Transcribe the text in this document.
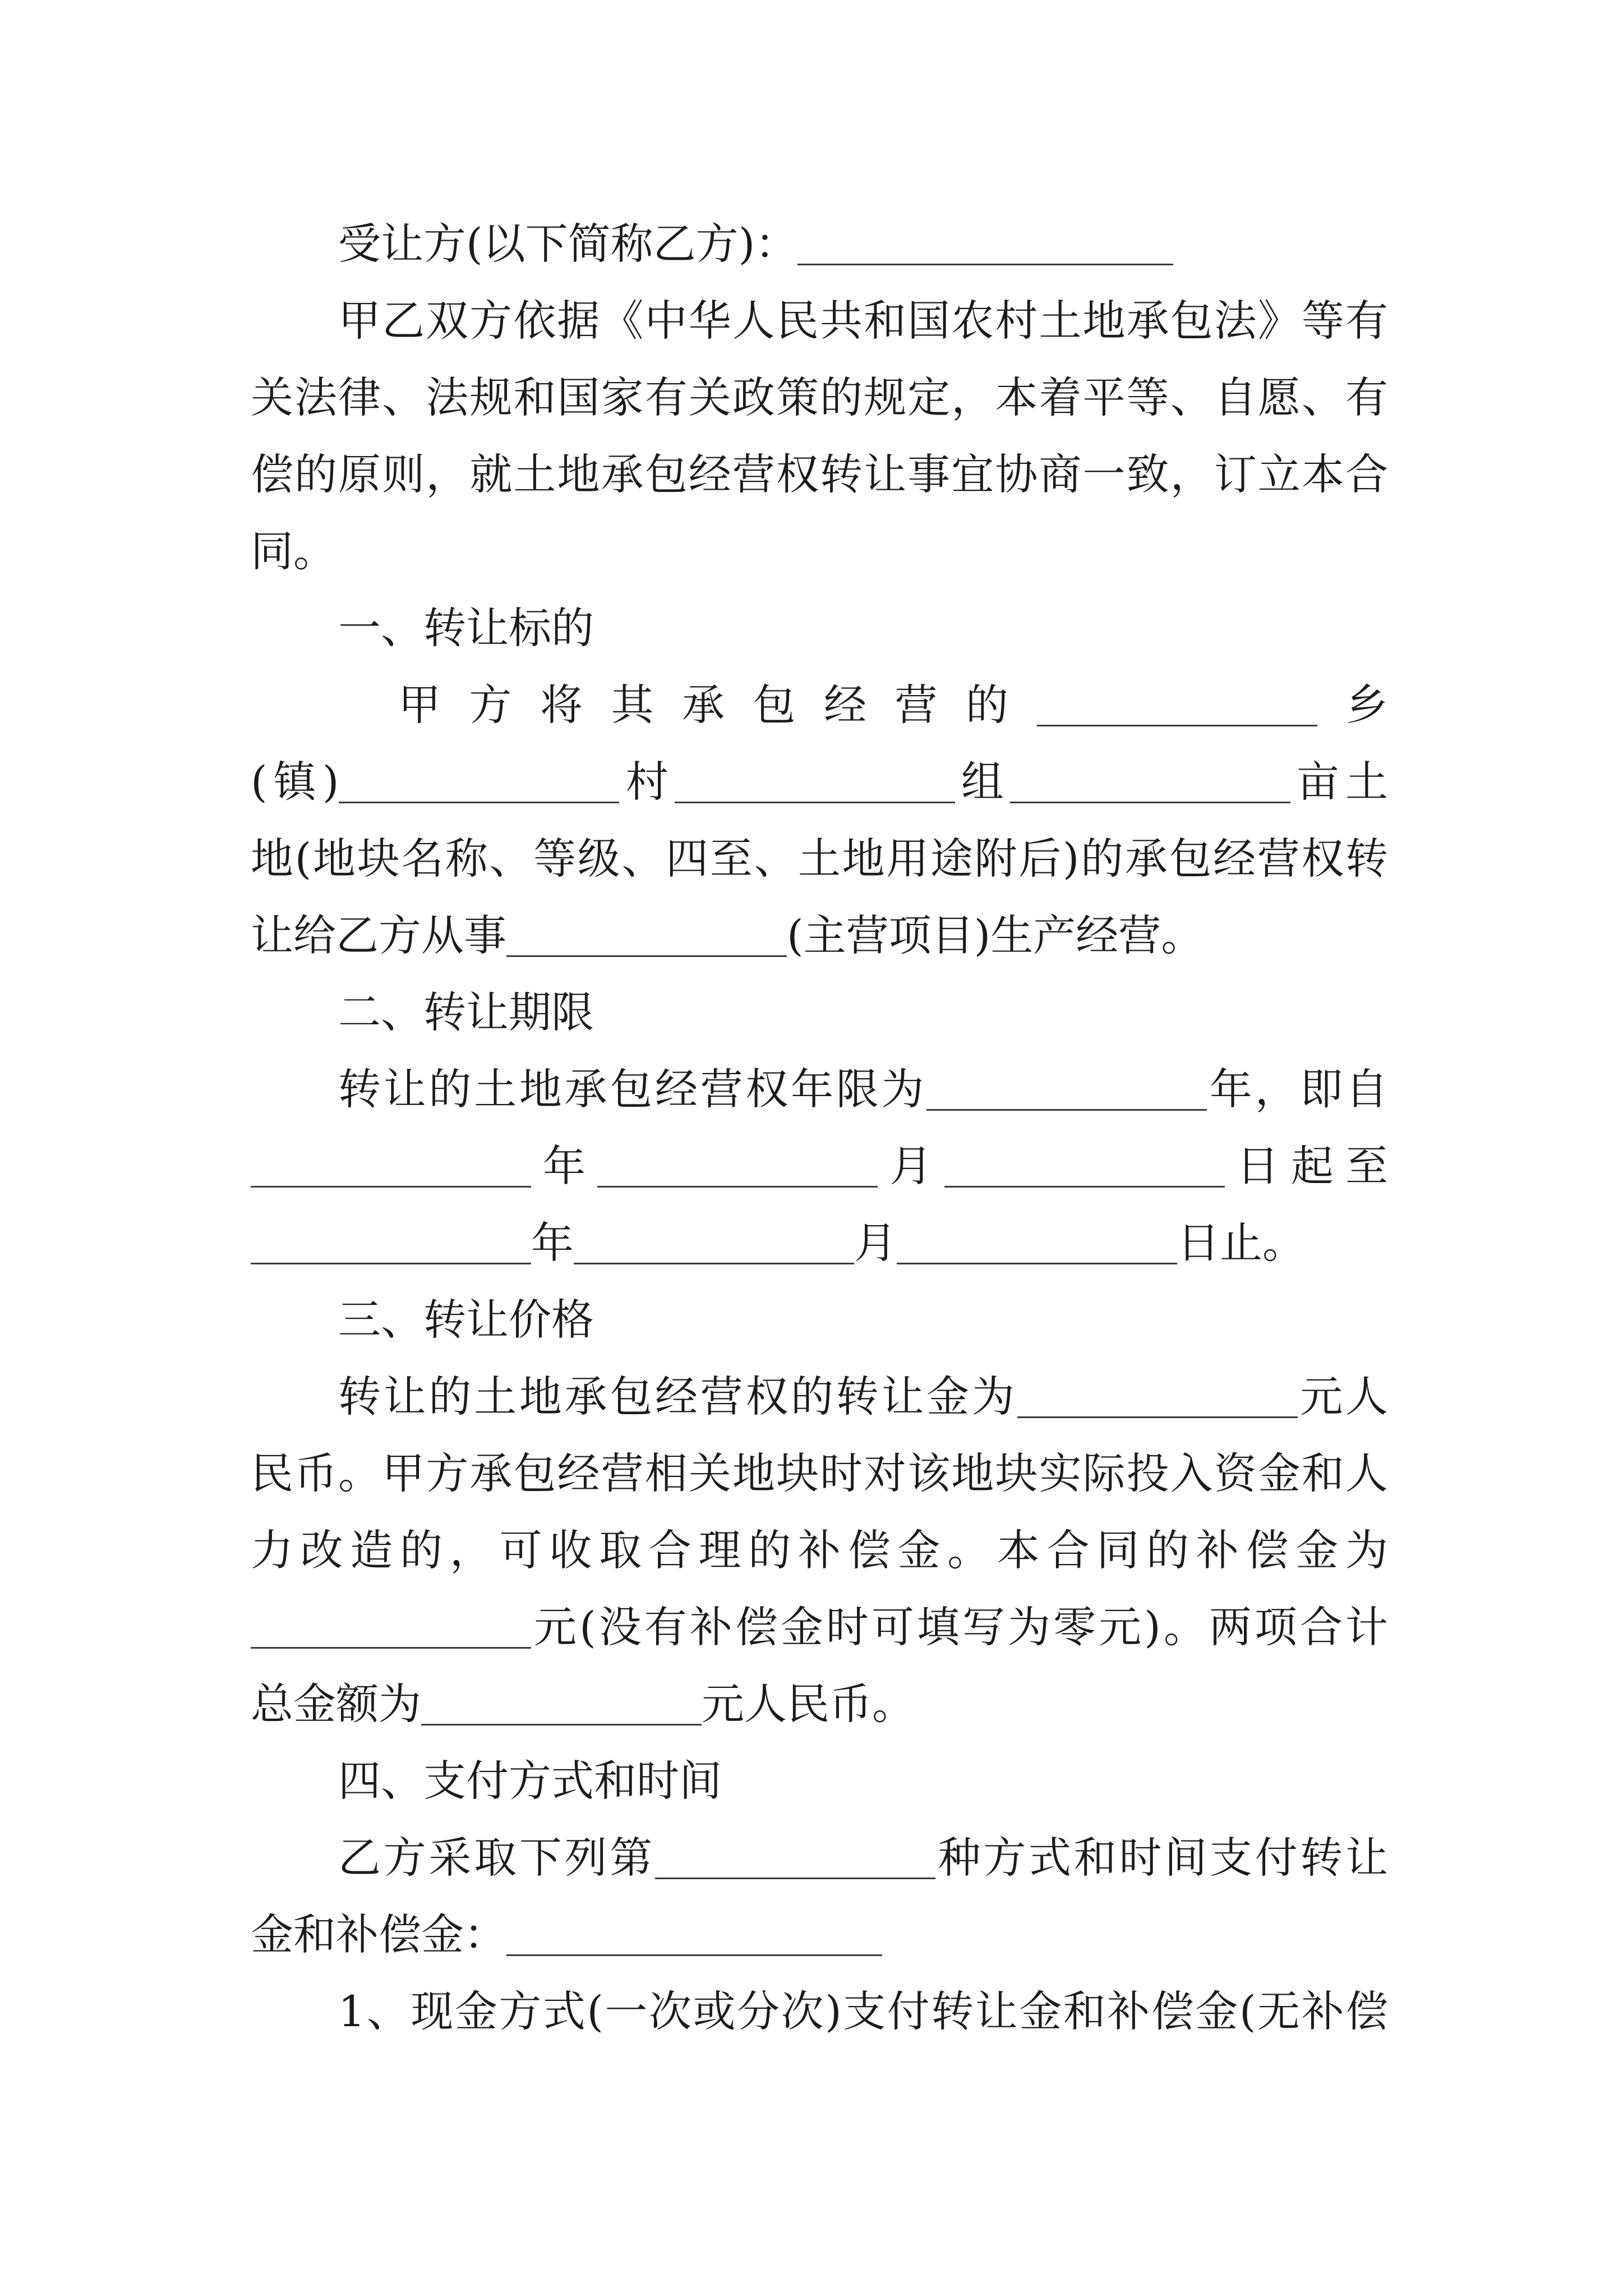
受让方(以下简称乙方)：
甲乙双方依据《中华人民共和国农村土地承包法》等有
关法律、法规和国家有关政策的规定，本着平等、自愿、有
偿的原则，就土地承包经营权转让事宜协商一致，订立本合
同。
一、转让标的
甲方将其承包经营的	乡
(镇)	村	组	亩土
地(地块名称、等级、四至、土地用途附后)的承包经营权转
让给乙方从事	(主营项目)生产经营。
二、转让期限
转让的土地承包经营权年限为	年，即自
年	月	日起至
年	月	日止。
三、转让价格
转让的土地承包经营权的转让金为	元人
民币。甲方承包经营相关地块时对该地块实际投入资金和人
力改造的，可收取合理的补偿金。本合同的补偿金为
元(没有补偿金时可填写为零元)。两项合计
总金额为	元人民币。
四、支付方式和时间
乙方采取下列第	种方式和时间支付转让
金和补偿金：
1、现金方式(一次或分次)支付转让金和补偿金(无补偿
